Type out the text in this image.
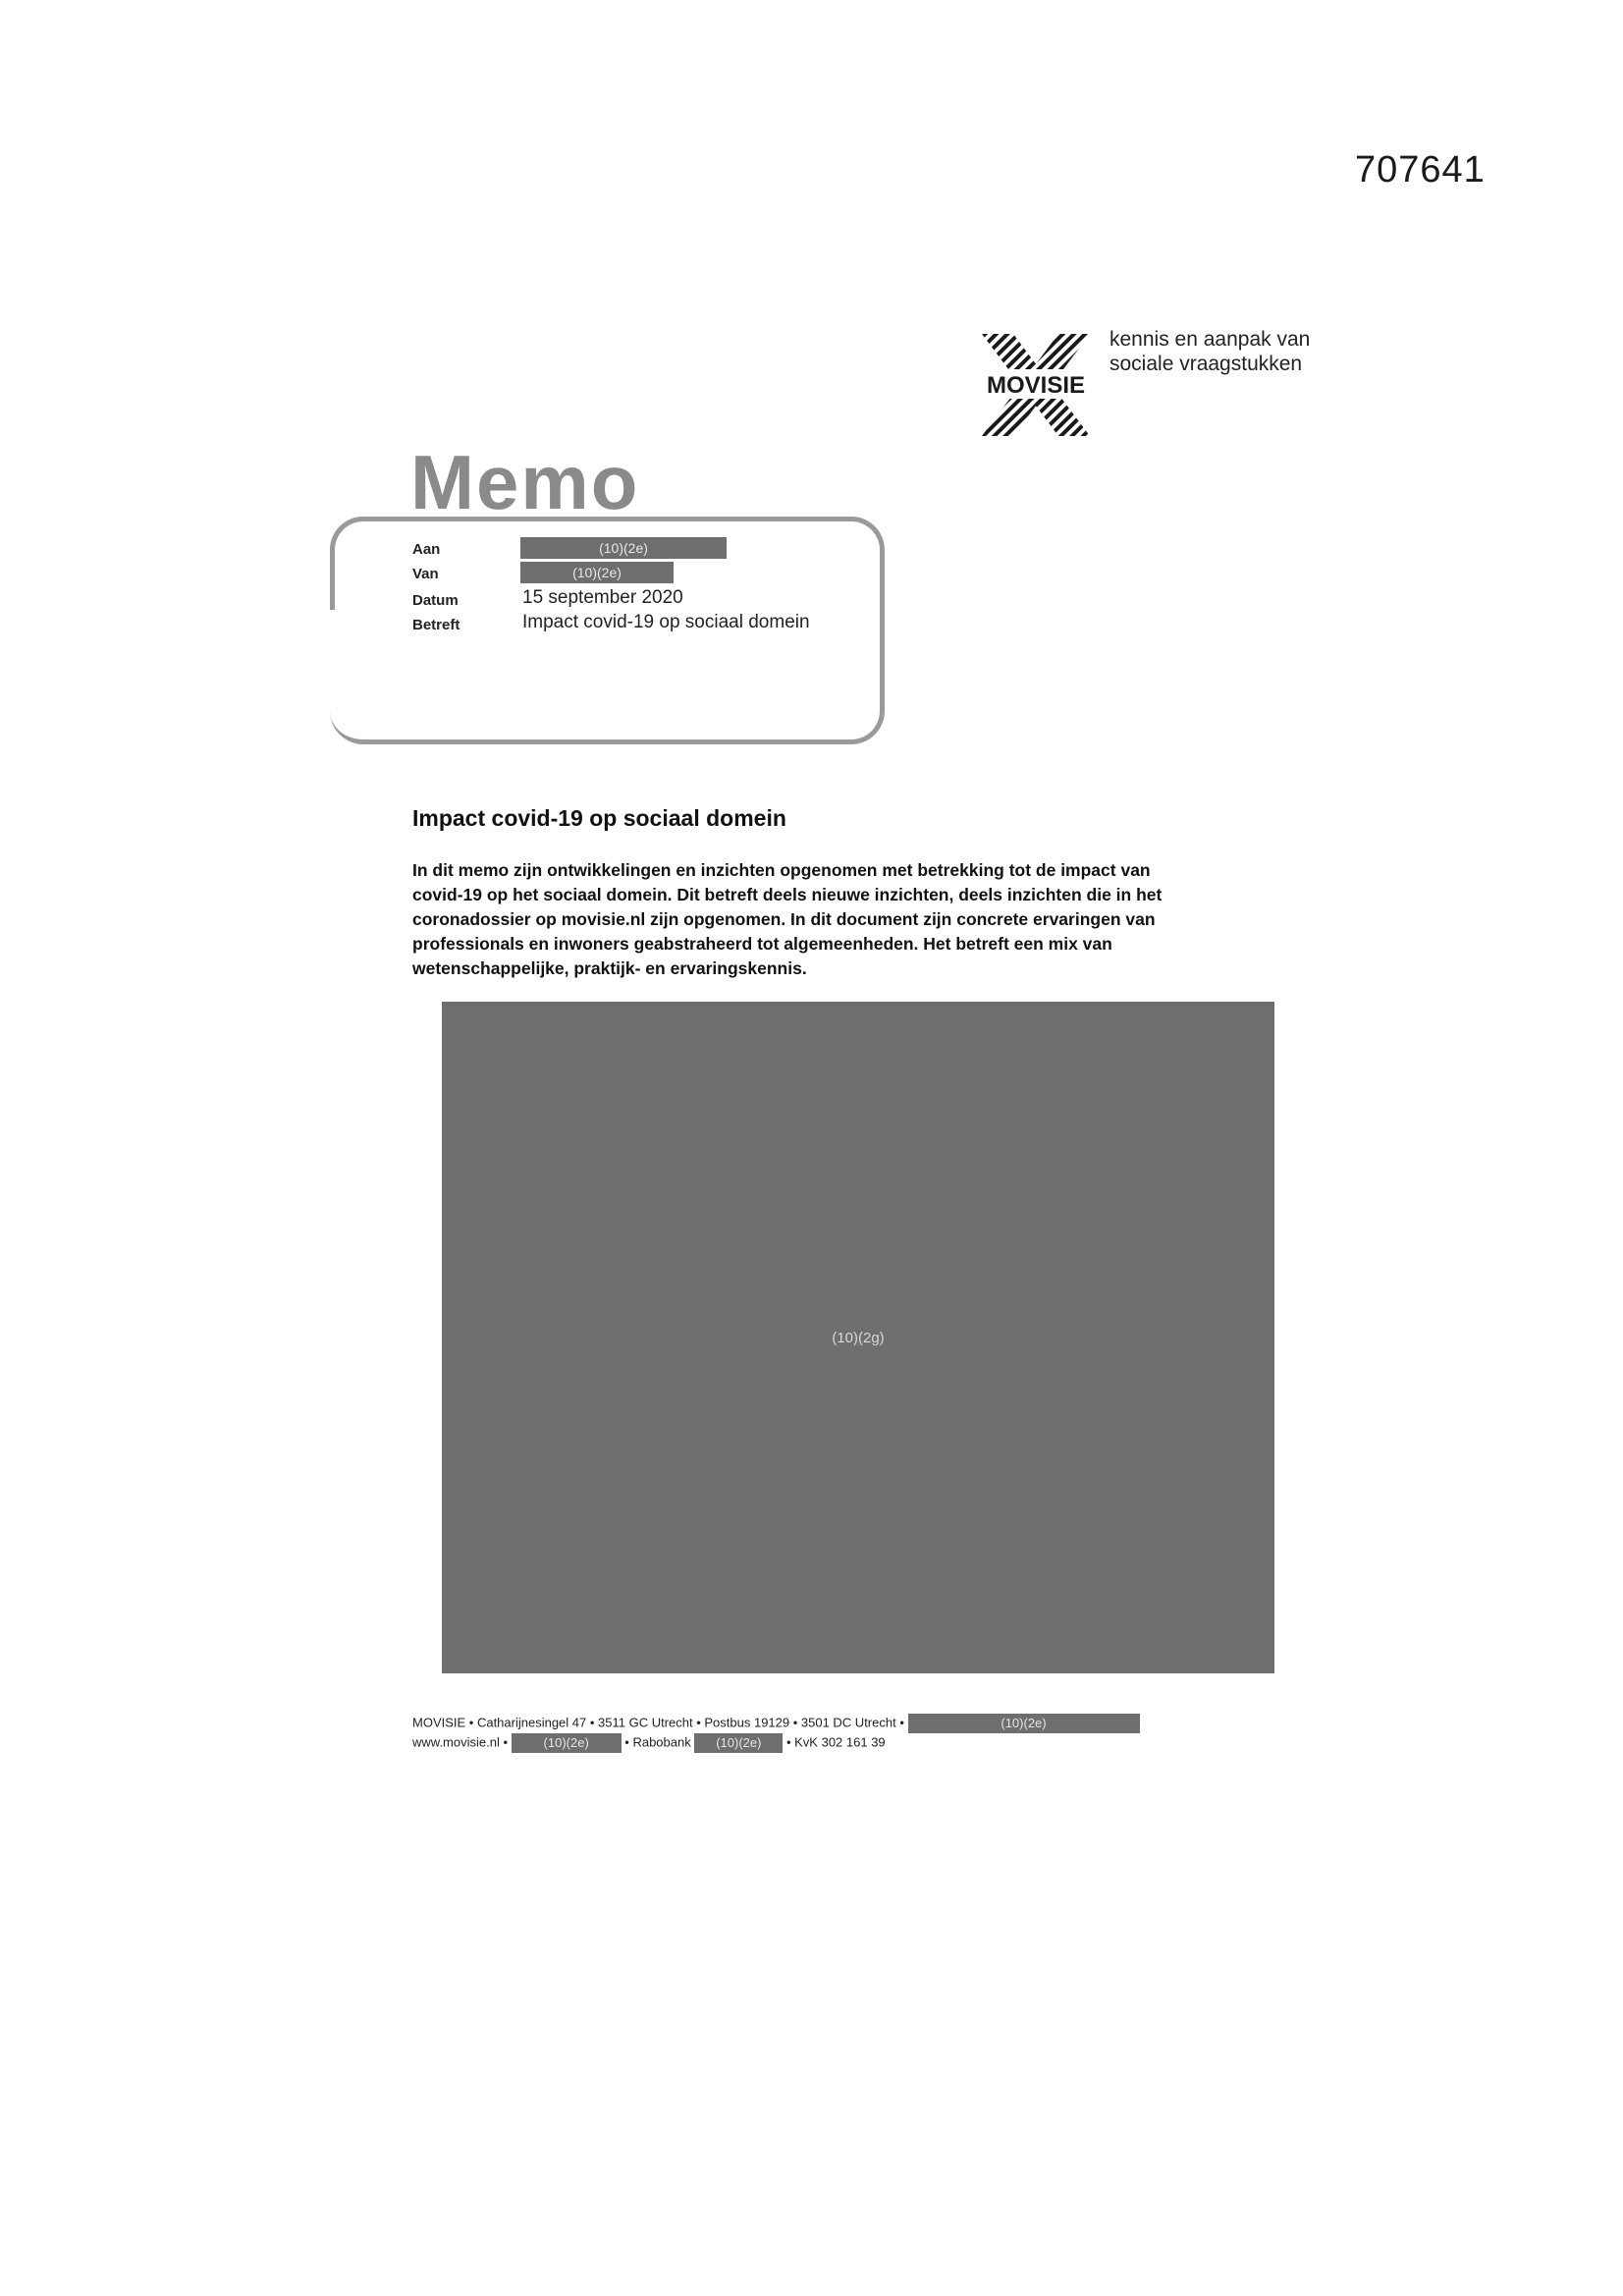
707641
MOVISIE
kennis en aanpak van
sociale vraagstukken
Memo
Aan	(10)(2e)
Van	(10)(2e)
Datum	15 september 2020
Betreft	Impact covid-19 op sociaal domein
Impact covid-19 op sociaal domein
In dit memo zijn ontwikkelingen en inzichten opgenomen met betrekking tot de impact van
covid-19 op het sociaal domein. Dit betreft deels nieuwe inzichten, deels inzichten die in het
coronadossier op movisie.nl zijn opgenomen. In dit document zijn concrete ervaringen van
professionals en inwoners geabstraheerd tot algemeenheden. Het betreft een mix van
wetenschappelijke, praktijk- en ervaringskennis.
(10)(2g)
MOVISIE • Catharijnesingel 47 • 3511 GC Utrecht • Postbus 19129 • 3501 DC Utrecht •	(10)(2e)
www.movisie.nl •	(10)(2e)	• Rabobank (10)(2e) • KvK 302 161 39
